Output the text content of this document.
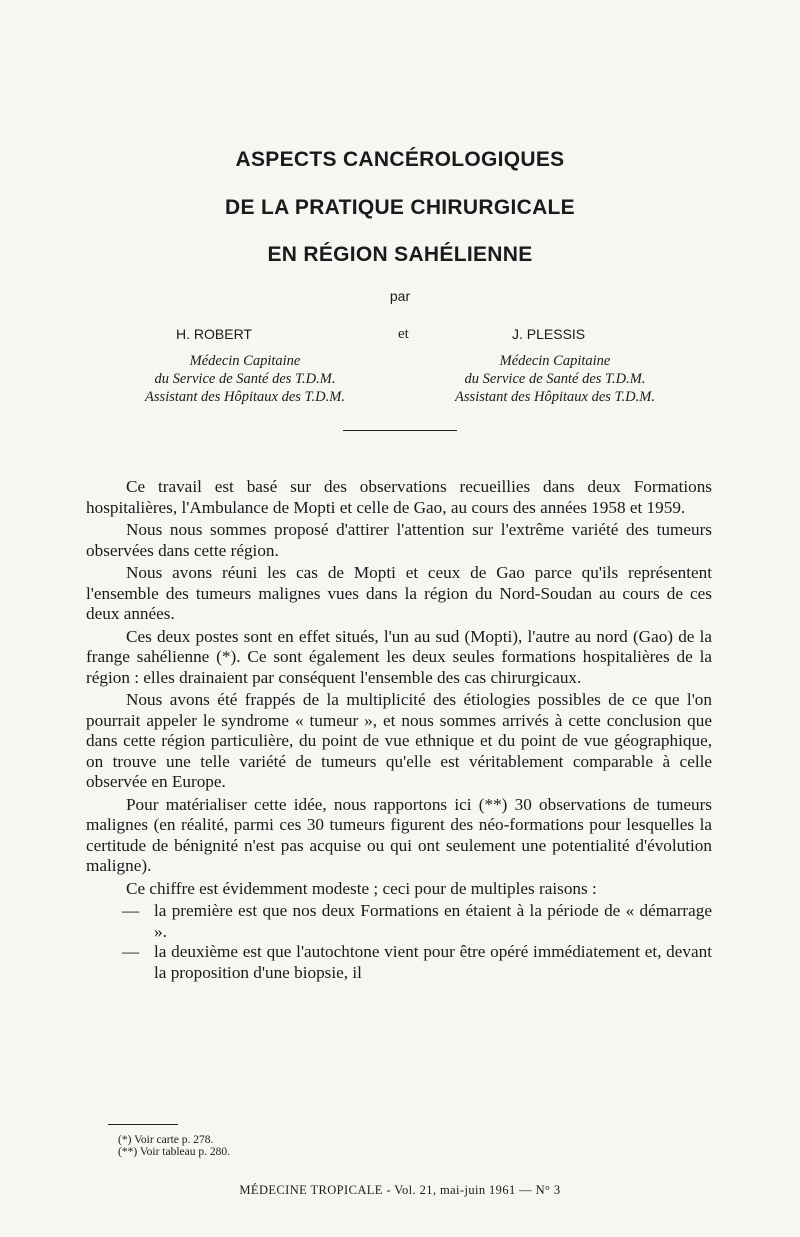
ASPECTS CANCÉROLOGIQUES
DE LA PRATIQUE CHIRURGICALE
EN RÉGION SAHÉLIENNE
par
H. ROBERT	et	J. PLESSIS
Médecin Capitaine
du Service de Santé des T.D.M.
Assistant des Hôpitaux des T.D.M.
Médecin Capitaine
du Service de Santé des T.D.M.
Assistant des Hôpitaux des T.D.M.

Ce travail est basé sur des observations recueillies dans deux Formations hospitalières, l'Ambulance de Mopti et celle de Gao, au cours des années 1958 et 1959.

Nous nous sommes proposé d'attirer l'attention sur l'extrême variété des tumeurs observées dans cette région.

Nous avons réuni les cas de Mopti et ceux de Gao parce qu'ils représentent l'ensemble des tumeurs malignes vues dans la région du Nord-Soudan au cours de ces deux années.

Ces deux postes sont en effet situés, l'un au sud (Mopti), l'autre au nord (Gao) de la frange sahélienne (*). Ce sont également les deux seules formations hospitalières de la région : elles drainaient par conséquent l'ensemble des cas chirurgicaux.

Nous avons été frappés de la multiplicité des étiologies possibles de ce que l'on pourrait appeler le syndrome « tumeur », et nous sommes arrivés à cette conclusion que dans cette région particulière, du point de vue ethnique et du point de vue géographique, on trouve une telle variété de tumeurs qu'elle est véritablement comparable à celle observée en Europe.

Pour matérialiser cette idée, nous rapportons ici (**) 30 observations de tumeurs malignes (en réalité, parmi ces 30 tumeurs figurent des néo-formations pour lesquelles la certitude de bénignité n'est pas acquise ou qui ont seulement une potentialité d'évolution maligne).

Ce chiffre est évidemment modeste ; ceci pour de multiples raisons :

— la première est que nos deux Formations en étaient à la période de « démarrage ».
— la deuxième est que l'autochtone vient pour être opéré immédiatement et, devant la proposition d'une biopsie, il
(*) Voir carte p. 278.
(**) Voir tableau p. 280.
MÉDECINE TROPICALE - Vol. 21, mai-juin 1961 — N° 3
